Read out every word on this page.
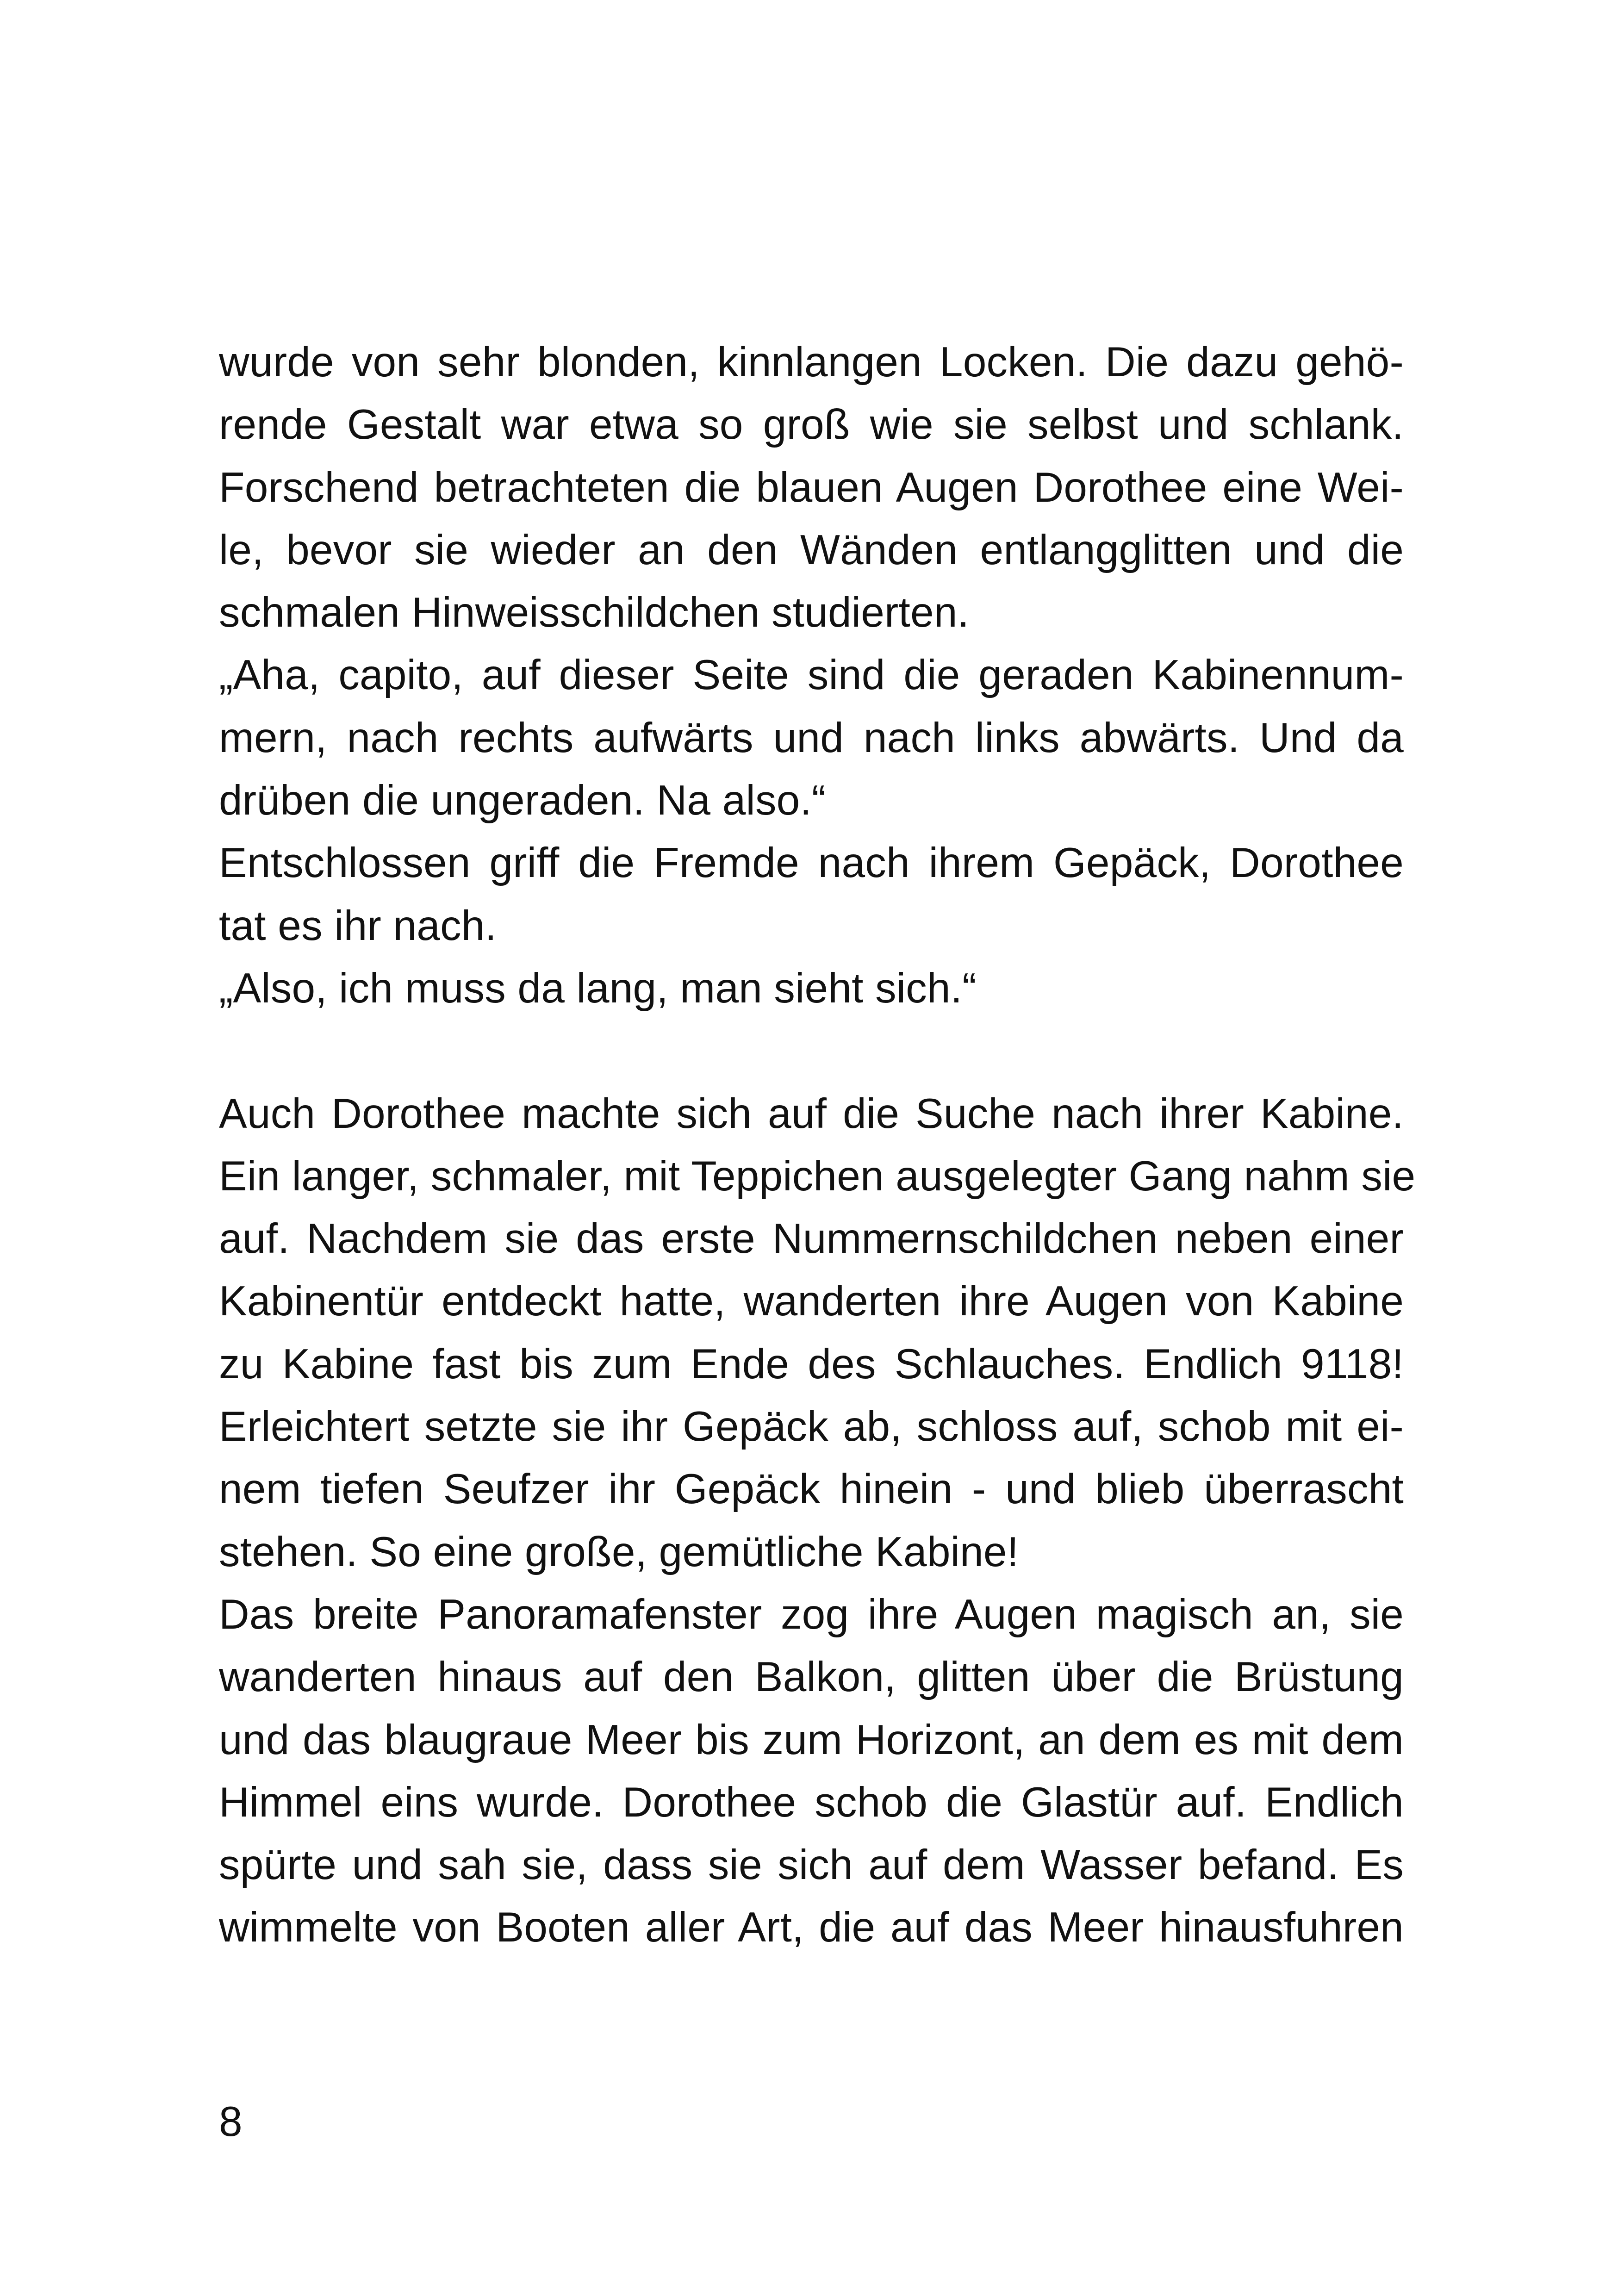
wurde von sehr blonden, kinnlangen Locken. Die dazu gehö-
rende Gestalt war etwa so groß wie sie selbst und schlank.
Forschend betrachteten die blauen Augen Dorothee eine Wei-
le, bevor sie wieder an den Wänden entlangglitten und die
schmalen Hinweisschildchen studierten.
„Aha, capito, auf dieser Seite sind die geraden Kabinennum-
mern, nach rechts aufwärts und nach links abwärts. Und da
drüben die ungeraden. Na also.“
Entschlossen griff die Fremde nach ihrem Gepäck, Dorothee
tat es ihr nach.
„Also, ich muss da lang, man sieht sich.“
Auch Dorothee machte sich auf die Suche nach ihrer Kabine.
Ein langer, schmaler, mit Teppichen ausgelegter Gang nahm sie
auf. Nachdem sie das erste Nummernschildchen neben einer
Kabinentür entdeckt hatte, wanderten ihre Augen von Kabine
zu Kabine fast bis zum Ende des Schlauches. Endlich 9118!
Erleichtert setzte sie ihr Gepäck ab, schloss auf, schob mit ei-
nem tiefen Seufzer ihr Gepäck hinein - und blieb überrascht
stehen. So eine große, gemütliche Kabine!
Das breite Panoramafenster zog ihre Augen magisch an, sie
wanderten hinaus auf den Balkon, glitten über die Brüstung
und das blaugraue Meer bis zum Horizont, an dem es mit dem
Himmel eins wurde. Dorothee schob die Glastür auf. Endlich
spürte und sah sie, dass sie sich auf dem Wasser befand. Es
wimmelte von Booten aller Art, die auf das Meer hinausfuhren
8
